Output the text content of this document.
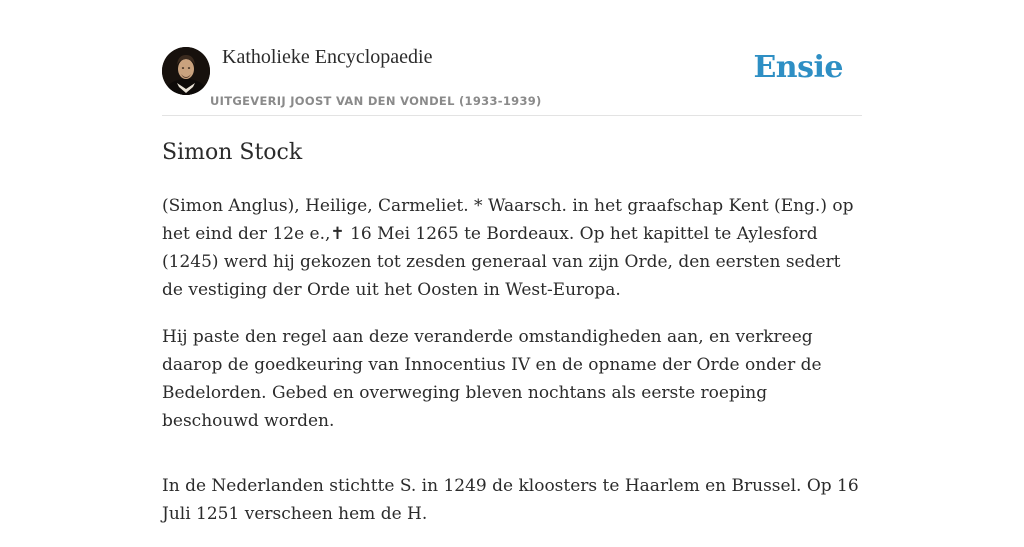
Katholieke Encyclopaedie
UITGEVERIJ JOOST VAN DEN VONDEL (1933-1939)
Ensie
Simon Stock

(Simon Anglus), Heilige, Carmeliet. * Waarsch. in het graafschap Kent (Eng.) op het eind der 12e e.,✝ 16 Mei 1265 te Bordeaux. Op het kapittel te Aylesford (1245) werd hij gekozen tot zesden generaal van zijn Orde, den eersten sedert de vestiging der Orde uit het Oosten in West-Europa.

Hij paste den regel aan deze veranderde omstandigheden aan, en verkreeg daarop de goedkeuring van Innocentius IV en de opname der Orde onder de Bedelorden. Gebed en overweging bleven nochtans als eerste roeping beschouwd worden.

In de Nederlanden stichtte S. in 1249 de kloosters te Haarlem en Brussel. Op 16 Juli 1251 verscheen hem de H.
